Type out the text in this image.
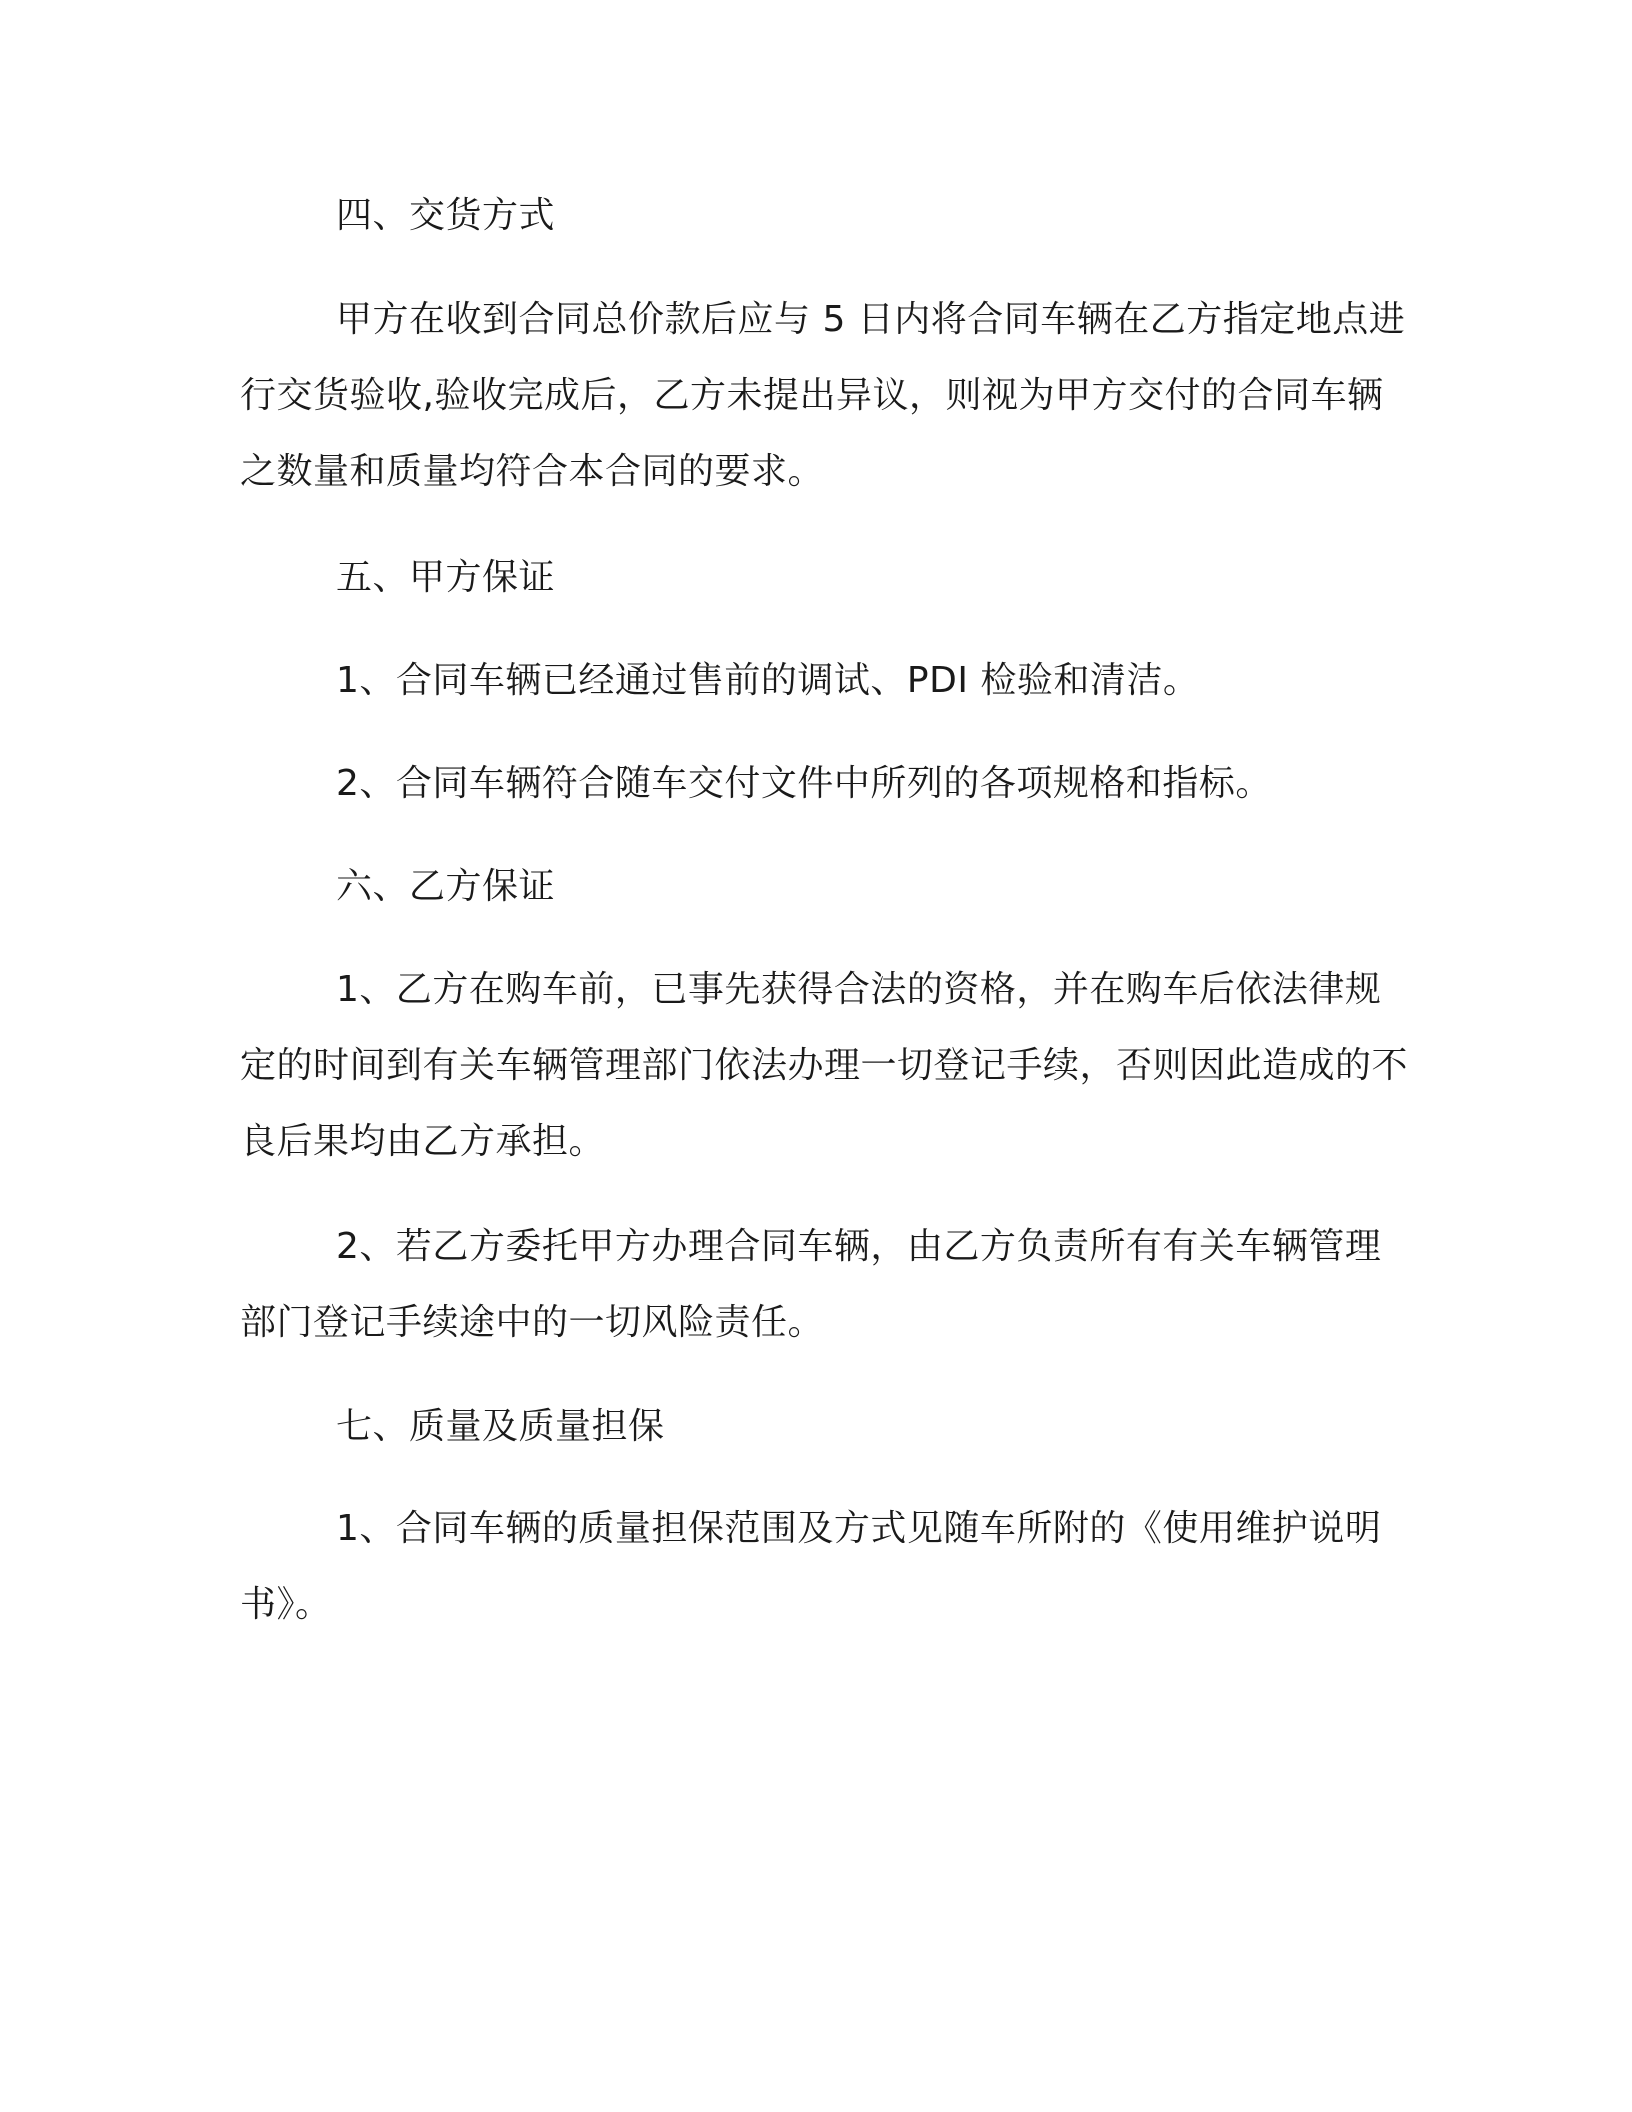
四、交货方式

甲方在收到合同总价款后应与 5 日内将合同车辆在乙方指定地点进行交货验收,验收完成后，乙方未提出异议，则视为甲方交付的合同车辆之数量和质量均符合本合同的要求。

五、甲方保证

1、合同车辆已经通过售前的调试、PDI 检验和清洁。

2、合同车辆符合随车交付文件中所列的各项规格和指标。

六、乙方保证

1、乙方在购车前，已事先获得合法的资格，并在购车后依法律规定的时间到有关车辆管理部门依法办理一切登记手续，否则因此造成的不良后果均由乙方承担。

2、若乙方委托甲方办理合同车辆，由乙方负责所有有关车辆管理部门登记手续途中的一切风险责任。

七、质量及质量担保

1、合同车辆的质量担保范围及方式见随车所附的《使用维护说明书》。
